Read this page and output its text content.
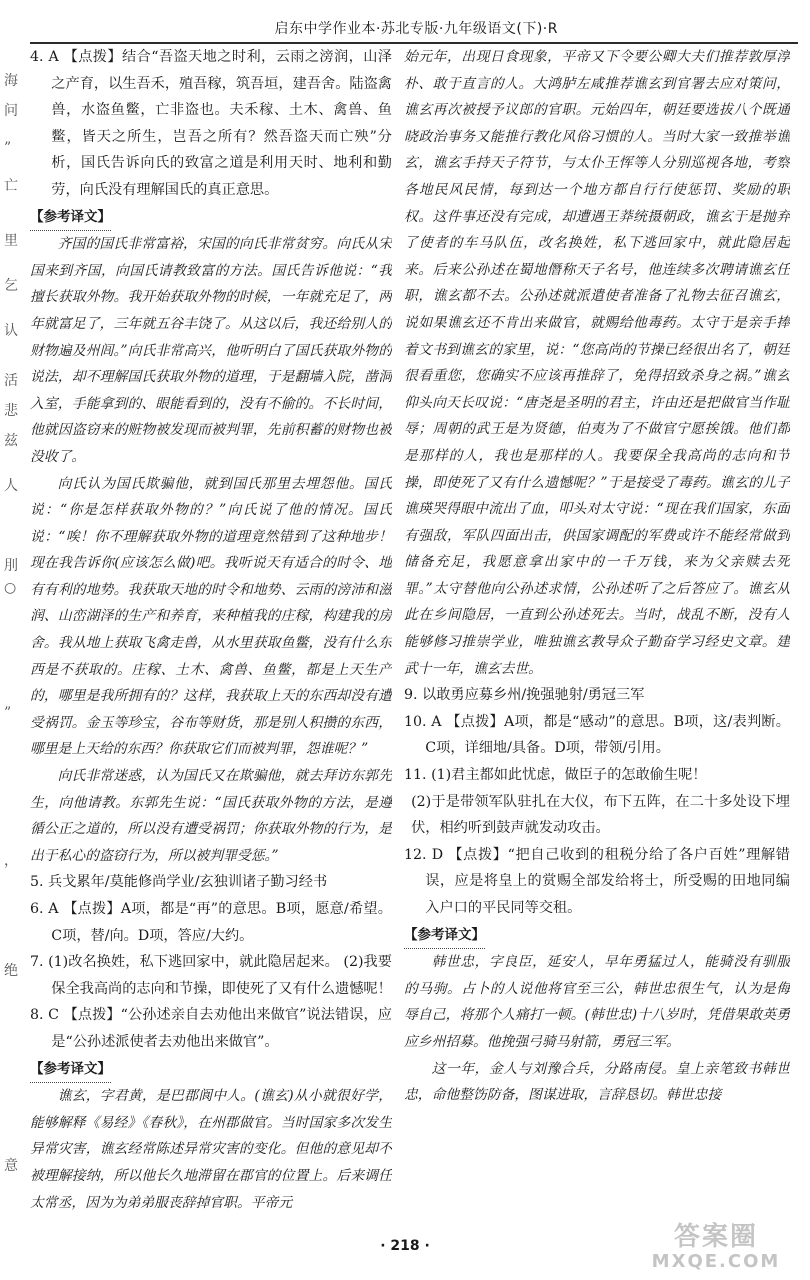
海
问
”
亡
里
乞
认
活
悲
兹
人
刖
○
”
，
绝
意
启东中学作业本·苏北专版·九年级语文(下)·R

4. A 【点拨】结合“吾盗天地之时利，云雨之滂润，山泽之产育，以生吾禾，殖吾稼，筑吾垣，建吾舍。陆盗禽兽，水盗鱼鳖，亡非盗也。夫禾稼、土木、禽兽、鱼鳖，皆天之所生，岂吾之所有？然吾盗天而亡殃”分析，国氏告诉向氏的致富之道是利用天时、地利和勤劳，向氏没有理解国氏的真正意思。

【参考译文】

齐国的国氏非常富裕，宋国的向氏非常贫穷。向氏从宋国来到齐国，向国氏请教致富的方法。国氏告诉他说：“我擅长获取外物。我开始获取外物的时候，一年就充足了，两年就富足了，三年就五谷丰饶了。从这以后，我还给别人的财物遍及州闾。”向氏非常高兴，他听明白了国氏获取外物的说法，却不理解国氏获取外物的道理，于是翻墙入院，凿洞入室，手能拿到的、眼能看到的，没有不偷的。不长时间，他就因盗窃来的赃物被发现而被判罪，先前积蓄的财物也被没收了。

向氏认为国氏欺骗他，就到国氏那里去埋怨他。国氏说：“你是怎样获取外物的？”向氏说了他的情况。国氏说：“唉！你不理解获取外物的道理竟然错到了这种地步！现在我告诉你(应该怎么做)吧。我听说天有适合的时令、地有有利的地势。我获取天地的时令和地势、云雨的滂沛和滋润、山峦湖泽的生产和养育，来种植我的庄稼，构建我的房舍。我从地上获取飞禽走兽，从水里获取鱼鳖，没有什么东西是不获取的。庄稼、土木、禽兽、鱼鳖，都是上天生产的，哪里是我所拥有的？这样，我获取上天的东西却没有遭受祸罚。金玉等珍宝，谷布等财货，那是别人积攒的东西，哪里是上天给的东西？你获取它们而被判罪，怨谁呢？”

向氏非常迷惑，认为国氏又在欺骗他，就去拜访东郭先生，向他请教。东郭先生说：“国氏获取外物的方法，是遵循公正之道的，所以没有遭受祸罚；你获取外物的行为，是出于私心的盗窃行为，所以被判罪受惩。”

5. 兵戈累年/莫能修尚学业/玄独训诸子勤习经书

6. A 【点拨】A项，都是“再”的意思。B项，愿意/希望。C项，替/向。D项，答应/大约。

7. (1)改名换姓，私下逃回家中，就此隐居起来。 (2)我要保全我高尚的志向和节操，即使死了又有什么遗憾呢！

8. C 【点拨】“公孙述亲自去劝他出来做官”说法错误，应是“公孙述派使者去劝他出来做官”。

【参考译文】

谯玄，字君黄，是巴郡阆中人。(谯玄)从小就很好学，能够解释《易经》《春秋》，在州郡做官。当时国家多次发生异常灾害，谯玄经常陈述异常灾害的变化。但他的意见却不被理解接纳，所以他长久地滞留在郡官的位置上。后来调任太常丞，因为为弟弟服丧辞掉官职。平帝元

始元年，出现日食现象，平帝又下令要公卿大夫们推荐敦厚淳朴、敢于直言的人。大鸿胪左咸推荐谯玄到官署去应对策问，谯玄再次被授予议郎的官职。元始四年，朝廷要选拔八个既通晓政治事务又能推行教化风俗习惯的人。当时大家一致推举谯玄，谯玄手持天子符节，与太仆王恽等人分别巡视各地，考察各地民风民情，每到达一个地方都自行行使惩罚、奖励的职权。这件事还没有完成，却遭遇王莽统摄朝政，谯玄于是抛弃了使者的车马队伍，改名换姓，私下逃回家中，就此隐居起来。后来公孙述在蜀地僭称天子名号，他连续多次聘请谯玄任职，谯玄都不去。公孙述就派遣使者准备了礼物去征召谯玄，说如果谯玄还不肯出来做官，就赐给他毒药。太守于是亲手捧着文书到谯玄的家里，说：“您高尚的节操已经很出名了，朝廷很看重您，您确实不应该再推辞了，免得招致杀身之祸。”谯玄仰头向天长叹说：“唐尧是圣明的君主，许由还是把做官当作耻辱；周朝的武王是为贤德，伯夷为了不做官宁愿挨饿。他们都是那样的人，我也是那样的人。我要保全我高尚的志向和节操，即使死了又有什么遗憾呢？”于是接受了毒药。谯玄的儿子谯瑛哭得眼中流出了血，叩头对太守说：“现在我们国家，东面有强敌，军队四面出击，供国家调配的军费或许不能经常做到储备充足，我愿意拿出家中的一千万钱，来为父亲赎去死罪。”太守替他向公孙述求情，公孙述听了之后答应了。谯玄从此在乡间隐居，一直到公孙述死去。当时，战乱不断，没有人能够修习推崇学业，唯独谯玄教导众子勤奋学习经史文章。建武十一年，谯玄去世。

9. 以敢勇应募乡州/挽强驰射/勇冠三军

10. A 【点拨】A项，都是“感动”的意思。B项，这/表判断。C项，详细地/具备。D项，带领/引用。

11. (1)君主都如此忧虑，做臣子的怎敢偷生呢！

(2)于是带领军队驻扎在大仪，布下五阵，在二十多处设下埋伏，相约听到鼓声就发动攻击。

12. D 【点拨】“把自己收到的租税分给了各户百姓”理解错误，应是将皇上的赏赐全部发给将士，所受赐的田地同编入户口的平民同等交租。

【参考译文】

韩世忠，字良臣，延安人，早年勇猛过人，能骑没有驯服的马驹。占卜的人说他将官至三公，韩世忠很生气，认为是侮辱自己，将那个人痛打一顿。(韩世忠)十八岁时，凭借果敢英勇应乡州招募。他挽强弓骑马射箭，勇冠三军。

这一年，金人与刘豫合兵，分路南侵。皇上亲笔致书韩世忠，命他整饬防备，图谋进取，言辞恳切。韩世忠接

· 218 ·	答案圈
MXQE.COM
